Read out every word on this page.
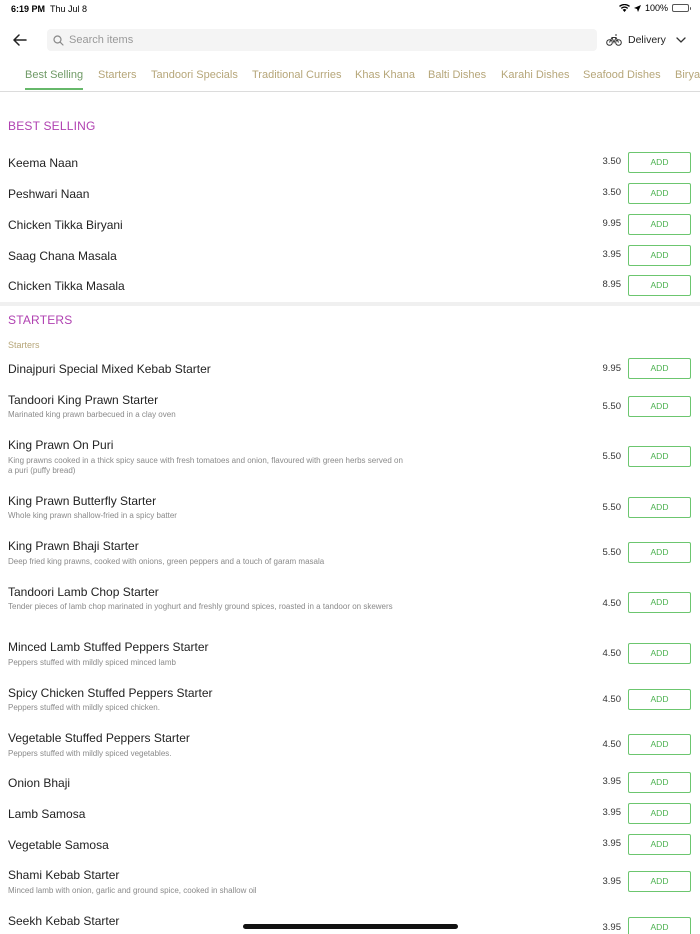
6:19 PM Thu Jul 8	100%
Search items
Delivery
Best Selling Starters Tandoori Specials Traditional Curries Khas Khana Balti Dishes Karahi Dishes Seafood Dishes Birya
BEST SELLING
Keema Naan	3.50	ADD
Peshwari Naan	3.50	ADD
Chicken Tikka Biryani	9.95	ADD
Saag Chana Masala	3.95	ADD
Chicken Tikka Masala	8.95	ADD
STARTERS
Starters
Dinajpuri Special Mixed Kebab Starter	9.95	ADD
Tandoori King Prawn Starter
Marinated king prawn barbecued in a clay oven
5.50	ADD
King Prawn On Puri
King prawns cooked in a thick spicy sauce with fresh tomatoes and onion, flavoured with green herbs served on a puri (puffy bread)
5.50	ADD
King Prawn Butterfly Starter
Whole king prawn shallow-fried in a spicy batter
5.50	ADD
King Prawn Bhaji Starter
Deep fried king prawns, cooked with onions, green peppers and a touch of garam masala
5.50	ADD
Tandoori Lamb Chop Starter
Tender pieces of lamb chop marinated in yoghurt and freshly ground spices, roasted in a tandoor on skewers	4.50	ADD
Minced Lamb Stuffed Peppers Starter
Peppers stuffed with mildly spiced minced lamb
4.50	ADD
Spicy Chicken Stuffed Peppers Starter
Peppers stuffed with mildly spiced chicken.
4.50	ADD
Vegetable Stuffed Peppers Starter
Peppers stuffed with mildly spiced vegetables.
4.50	ADD
Onion Bhaji	3.95	ADD
Lamb Samosa	3.95	ADD
Vegetable Samosa	3.95	ADD
Shami Kebab Starter
Minced lamb with onion, garlic and ground spice, cooked in shallow oil
3.95	ADD
Seekh Kebab Starter	3.95	ADD
